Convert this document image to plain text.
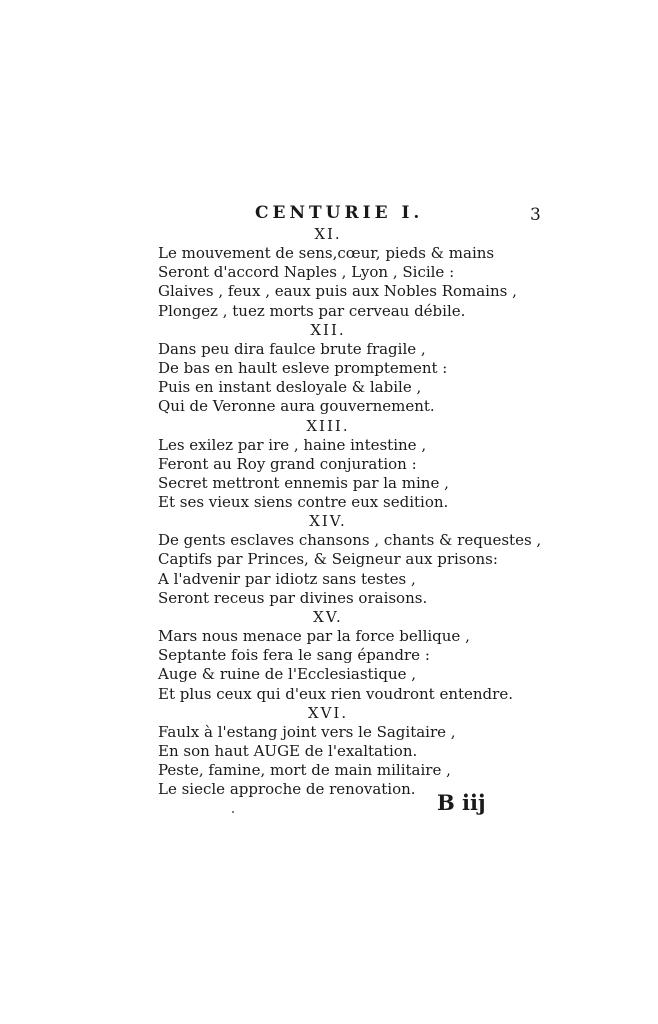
CENTURIE I.	3
XI.
Le mouvement de sens,cœur, pieds & mains
Seront d'accord Naples , Lyon , Sicile :
Glaives , feux , eaux puis aux Nobles Romains ,
Plongez , tuez morts par cerveau débile.
XII.
Dans peu dira faulce brute fragile ,
De bas en hault esleve promptement :
Puis en instant desloyale & labile ,
Qui de Veronne aura gouvernement.
XIII.
Les exilez par ire , haine intestine ,
Feront au Roy grand conjuration :
Secret mettront ennemis par la mine ,
Et ses vieux siens contre eux sedition.
XIV.
De gents esclaves chansons , chants & requestes ,
Captifs par Princes, & Seigneur aux prisons:
A l'advenir par idiotz sans testes ,
Seront receus par divines oraisons.
XV.
Mars nous menace par la force bellique ,
Septante fois fera le sang épandre :
Auge & ruine de l'Ecclesiastique ,
Et plus ceux qui d'eux rien voudront entendre.
XVI.
Faulx à l'estang joint vers le Sagitaire ,
En son haut AUGE de l'exaltation.
Peste, famine, mort de main militaire ,
Le siecle approche de renovation.
B iij
